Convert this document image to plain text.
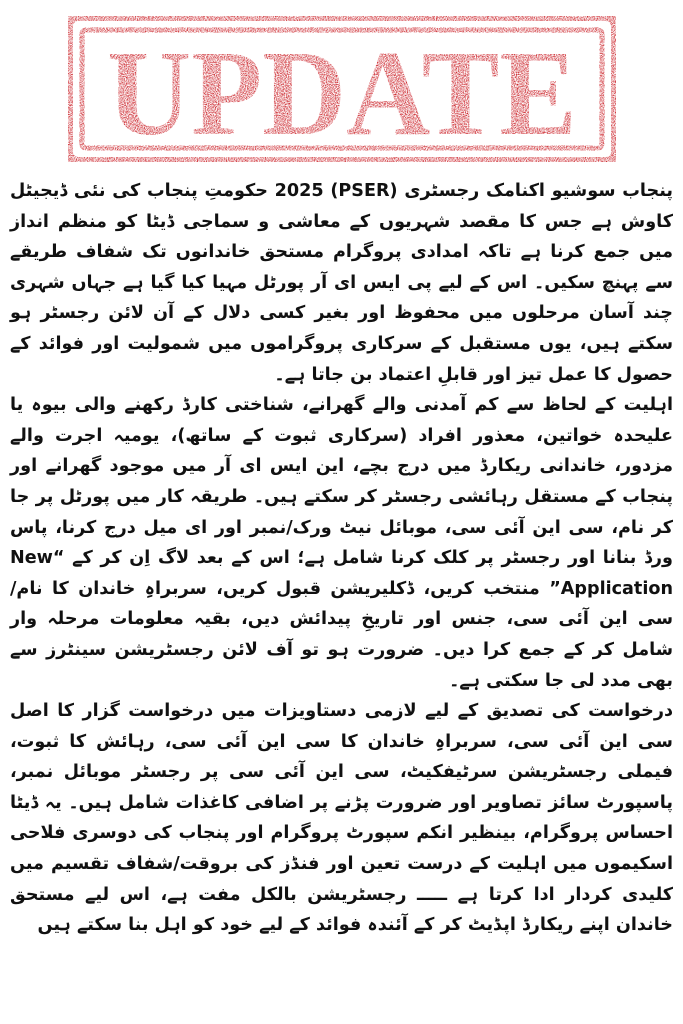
UPDATE

پنجاب سوشیو اکنامک رجسٹری (PSER) 2025 حکومتِ پنجاب کی نئی ڈیجیٹل کاوش ہے جس کا مقصد شہریوں کے معاشی و سماجی ڈیٹا کو منظم انداز میں جمع کرنا ہے تاکہ امدادی پروگرام مستحق خاندانوں تک شفاف طریقے سے پہنچ سکیں۔ اس کے لیے پی ایس ای آر پورٹل مہیا کیا گیا ہے جہاں شہری چند آسان مرحلوں میں محفوظ اور بغیر کسی دلال کے آن لائن رجسٹر ہو سکتے ہیں، یوں مستقبل کے سرکاری پروگراموں میں شمولیت اور فوائد کے حصول کا عمل تیز اور قابلِ اعتماد بن جاتا ہے۔

اہلیت کے لحاظ سے کم آمدنی والے گھرانے، شناختی کارڈ رکھنے والی بیوہ یا علیحدہ خواتین، معذور افراد (سرکاری ثبوت کے ساتھ)، یومیہ اجرت والے مزدور، خاندانی ریکارڈ میں درج بچے، این ایس ای آر میں موجود گھرانے اور پنجاب کے مستقل رہائشی رجسٹر کر سکتے ہیں۔ طریقہ کار میں پورٹل پر جا کر نام، سی این آئی سی، موبائل نیٹ ورک/نمبر اور ای میل درج کرنا، پاس ورڈ بنانا اور رجسٹر پر کلک کرنا شامل ہے؛ اس کے بعد لاگ اِن کر کے “New Application” منتخب کریں، ڈکلیریشن قبول کریں، سربراہِ خاندان کا نام/سی این آئی سی، جنس اور تاریخِ پیدائش دیں، بقیہ معلومات مرحلہ وار شامل کر کے جمع کرا دیں۔ ضرورت ہو تو آف لائن رجسٹریشن سینٹرز سے بھی مدد لی جا سکتی ہے۔

درخواست کی تصدیق کے لیے لازمی دستاویزات میں درخواست گزار کا اصل سی این آئی سی، سربراہِ خاندان کا سی این آئی سی، رہائش کا ثبوت، فیملی رجسٹریشن سرٹیفکیٹ، سی این آئی سی پر رجسٹر موبائل نمبر، پاسپورٹ سائز تصاویر اور ضرورت پڑنے پر اضافی کاغذات شامل ہیں۔ یہ ڈیٹا احساس پروگرام، بینظیر انکم سپورٹ پروگرام اور پنجاب کی دوسری فلاحی اسکیموں میں اہلیت کے درست تعین اور فنڈز کی بروقت/شفاف تقسیم میں کلیدی کردار ادا کرتا ہے ـــــ رجسٹریشن بالکل مفت ہے، اس لیے مستحق خاندان اپنے ریکارڈ اپڈیٹ کر کے آئندہ فوائد کے لیے خود کو اہل بنا سکتے ہیں
